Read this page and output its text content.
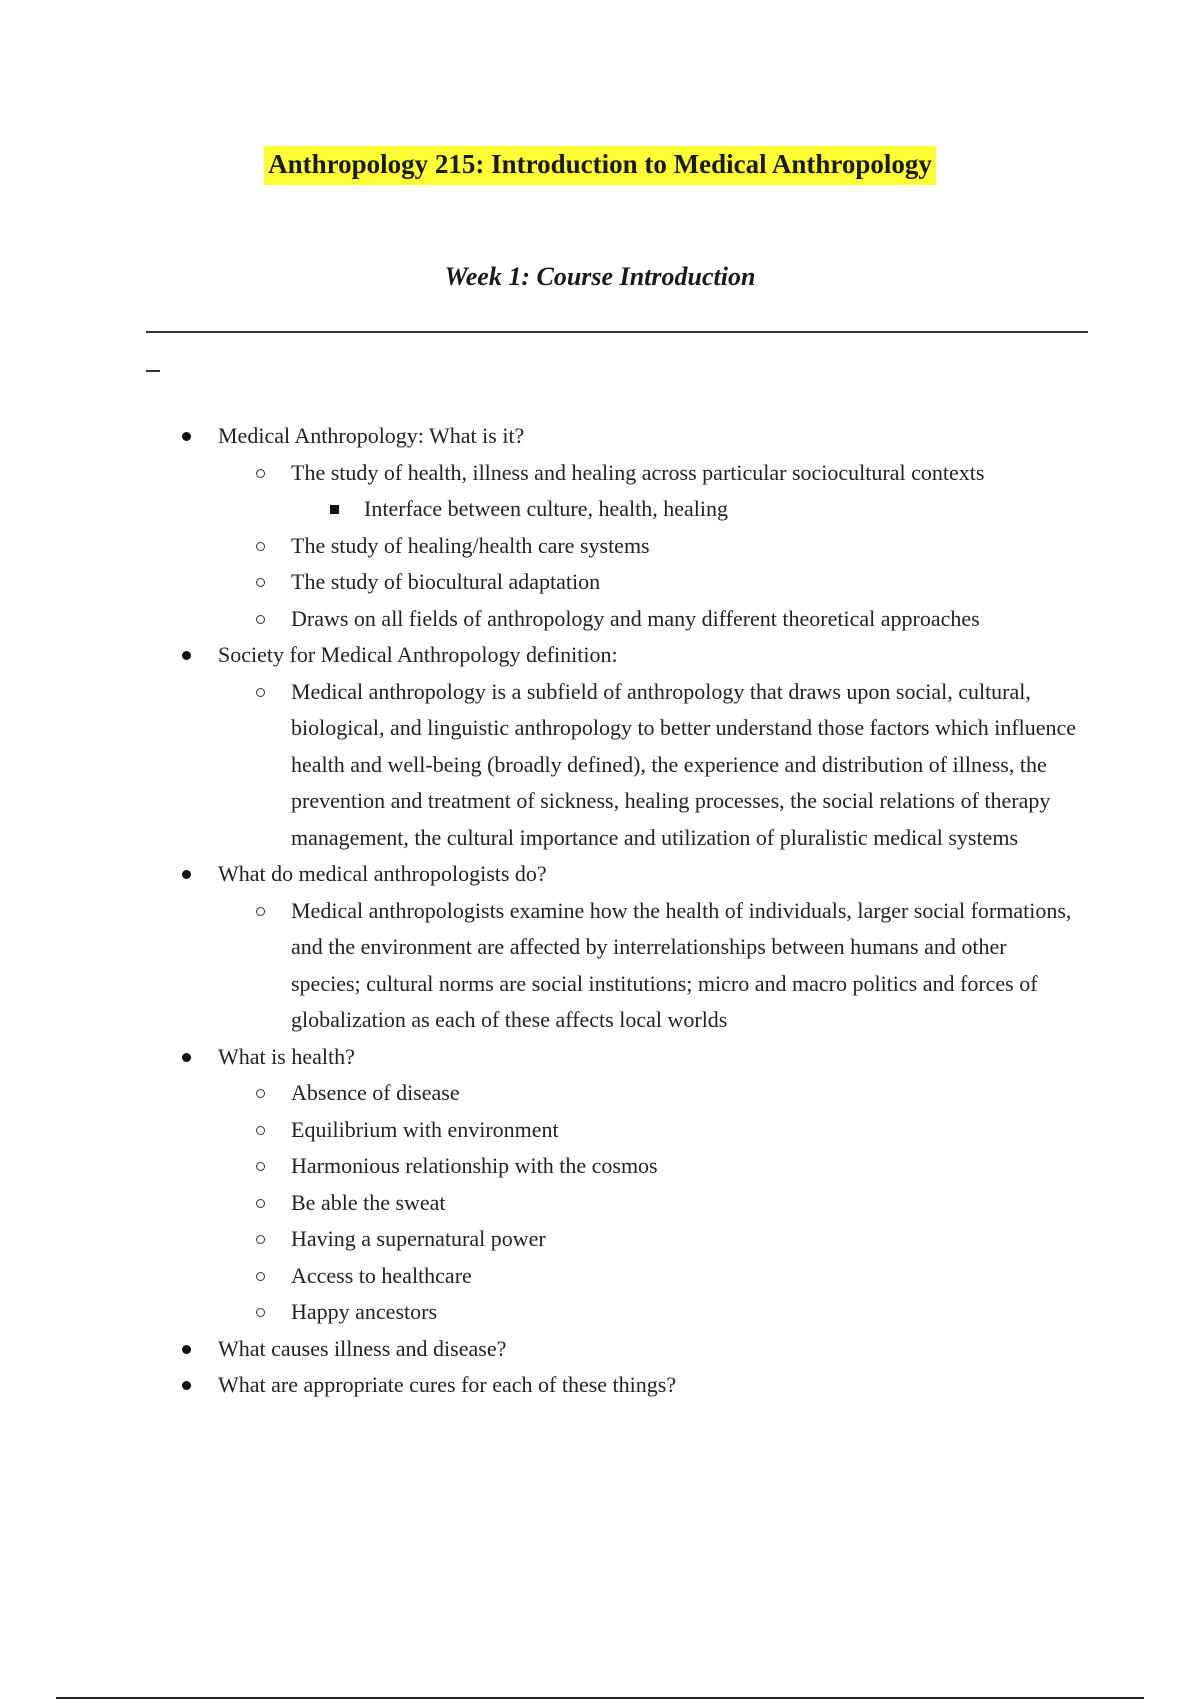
Anthropology 215: Introduction to Medical Anthropology
Week 1: Course Introduction
Medical Anthropology: What is it?
The study of health, illness and healing across particular sociocultural contexts
Interface between culture, health, healing
The study of healing/health care systems
The study of biocultural adaptation
Draws on all fields of anthropology and many different theoretical approaches
Society for Medical Anthropology definition:
Medical anthropology is a subfield of anthropology that draws upon social, cultural, biological, and linguistic anthropology to better understand those factors which influence health and well-being (broadly defined), the experience and distribution of illness, the prevention and treatment of sickness, healing processes, the social relations of therapy management, the cultural importance and utilization of pluralistic medical systems
What do medical anthropologists do?
Medical anthropologists examine how the health of individuals, larger social formations, and the environment are affected by interrelationships between humans and other species; cultural norms are social institutions; micro and macro politics and forces of globalization as each of these affects local worlds
What is health?
Absence of disease
Equilibrium with environment
Harmonious relationship with the cosmos
Be able the sweat
Having a supernatural power
Access to healthcare
Happy ancestors
What causes illness and disease?
What are appropriate cures for each of these things?
